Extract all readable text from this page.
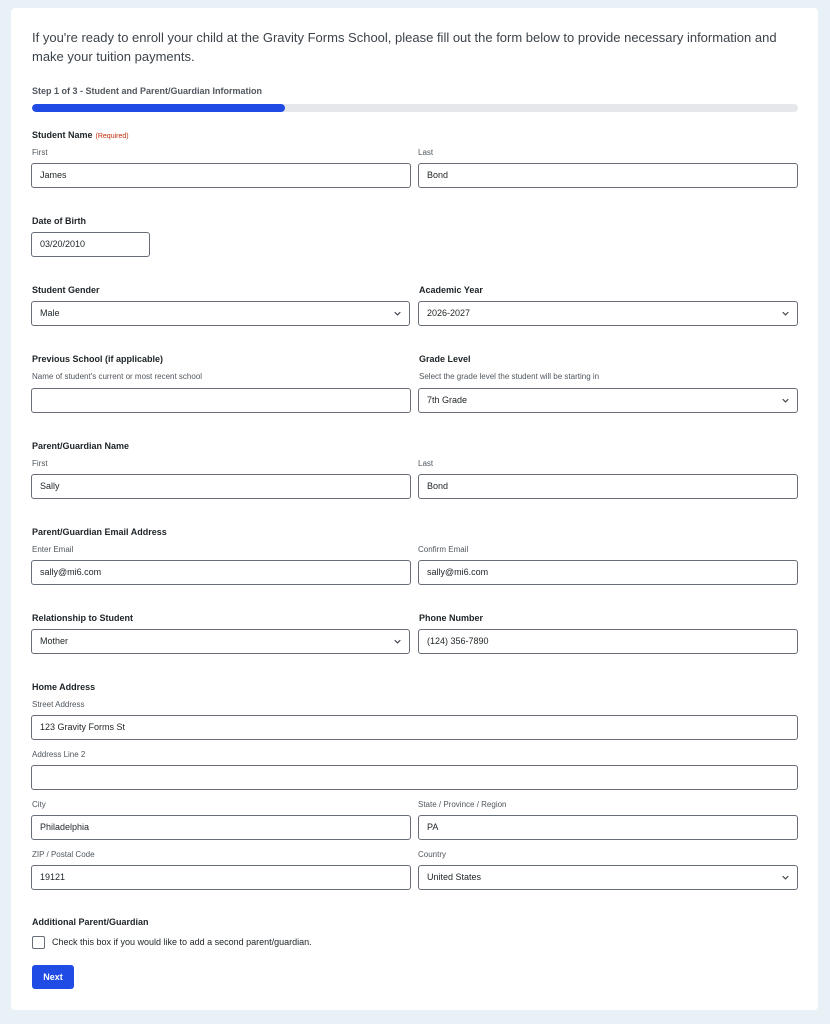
If you're ready to enroll your child at the Gravity Forms School, please fill out the form below to provide necessary information and make your tuition payments.
Step 1 of 3 - Student and Parent/Guardian Information
Student Name (Required)
First
James
Last
Bond
Date of Birth
03/20/2010
Student Gender
Male
Academic Year
2026-2027
Previous School (if applicable)
Name of student's current or most recent school
Grade Level
Select the grade level the student will be starting in
7th Grade
Parent/Guardian Name
First
Sally
Last
Bond
Parent/Guardian Email Address
Enter Email
sally@mi6.com
Confirm Email
sally@mi6.com
Relationship to Student
Mother
Phone Number
(124) 356-7890
Home Address
Street Address
123 Gravity Forms St
Address Line 2
City
Philadelphia
State / Province / Region
PA
ZIP / Postal Code
19121
Country
United States
Additional Parent/Guardian
Check this box if you would like to add a second parent/guardian.
Next
